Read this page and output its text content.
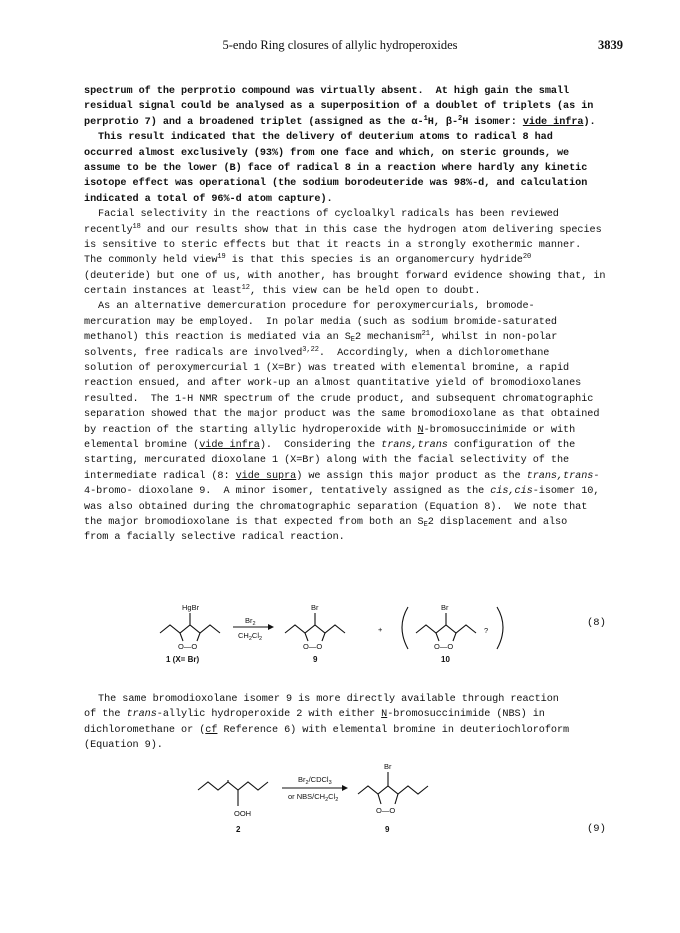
5-endo Ring closures of allylic hydroperoxides	3839
spectrum of the perprotio compound was virtually absent.  At high gain the small
residual signal could be analysed as a superposition of a doublet of triplets (as in
perprotio 7) and a broadened triplet (assigned as the α-$^1$H, β-$^2$H isomer: vide infra).
This result indicated that the delivery of deuterium atoms to radical 8 had
occurred almost exclusively (93%) from one face and which, on steric grounds, we
assume to be the lower (B) face of radical 8 in a reaction where hardly any kinetic
isotope effect was operational (the sodium borodeuteride was 98%-d, and calculation
indicated a total of 96%-d atom capture).
Facial selectivity in the reactions of cycloalkyl radicals has been reviewed
recently$^{18}$ and our results show that in this case the hydrogen atom delivering species
is sensitive to steric effects but that it reacts in a strongly exothermic manner.
The commonly held view$^{19}$ is that this species is an organomercury hydride$^{20}$
(deuteride) but one of us, with another, has brought forward evidence showing that, in
certain instances at least$^{12}$, this view can be held open to doubt.
As an alternative demercuration procedure for peroxymercurials, bromode-
mercuration may be employed.  In polar media (such as sodium bromide-saturated
methanol) this reaction is mediated via an $S_E2$ mechanism$^{21}$, whilst in non-polar
solvents, free radicals are involved$^{3,22}$.  Accordingly, when a dichloromethane
solution of peroxymercurial 1 (X=Br) was treated with elemental bromine, a rapid
reaction ensued, and after work-up an almost quantitative yield of bromodioxolanes
resulted.  The 1-H NMR spectrum of the crude product, and subsequent chromatographic
separation showed that the major product was the same bromodioxolane as that obtained
by reaction of the starting allylic hydroperoxide with N-bromosuccinimide or with
elemental bromine (vide infra).  Considering the trans,trans configuration of the
starting, mercurated dioxolane 1 (X=Br) along with the facial selectivity of the
intermediate radical (8: vide supra) we assign this major product as the trans,trans-
4-bromo- dioxolane 9.  A minor isomer, tentatively assigned as the cis,cis-isomer 10,
was also obtained during the chromatographic separation (Equation 8).  We note that
the major bromodioxolane is that expected from both an $S_E2$ displacement and also
from a facially selective radical reaction.
HgBr
O—O
1 (X= Br)
$Br_2$
$CH_2Cl_2$
Br
O—O
9
+
Br
O—O
?
10
(8)
The same bromodioxolane isomer 9 is more directly available through reaction
of the trans-allylic hydroperoxide 2 with either N-bromosuccinimide (NBS) in
dichloromethane or (cf Reference 6) with elemental bromine in deuteriochloroform
(Equation 9).
OOH
2
$Br_2/CDCl_3$
or NBS/$CH_2Cl_2$
Br
O—O
9	(9)
